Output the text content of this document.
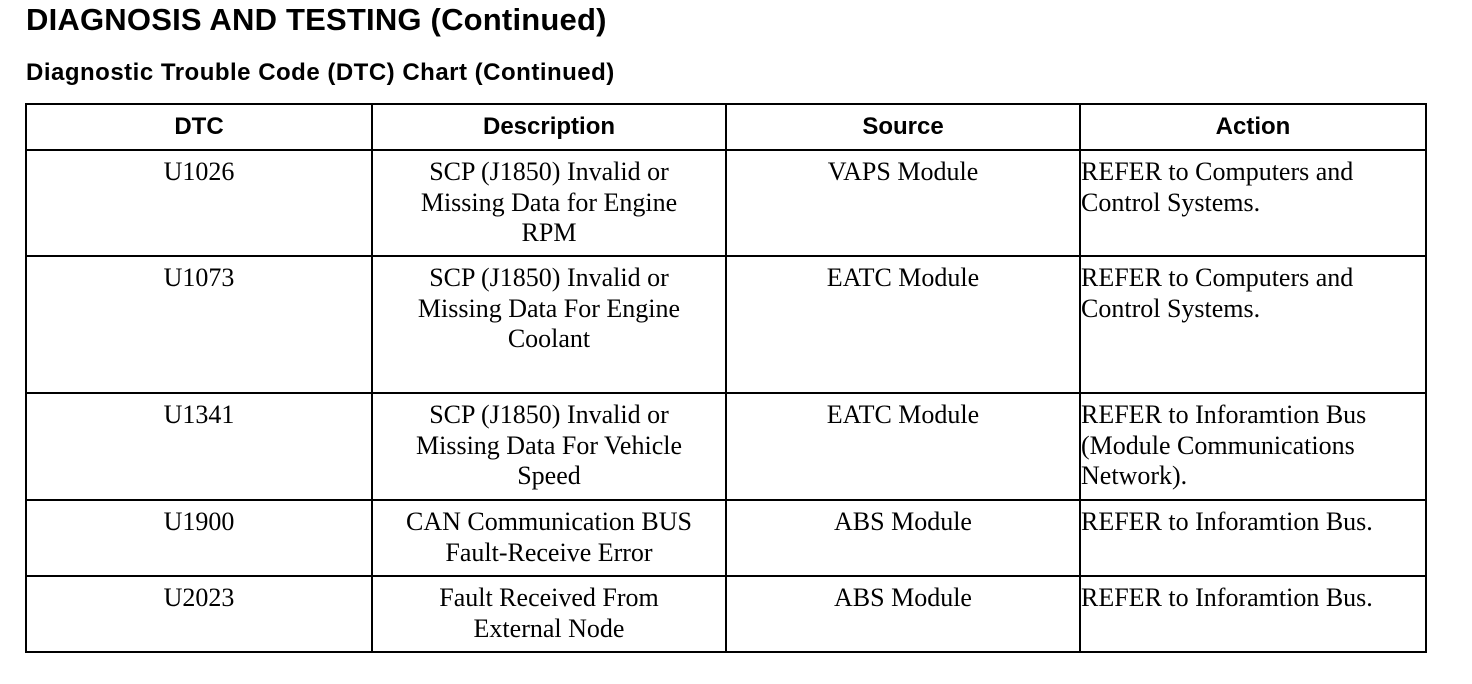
DIAGNOSIS AND TESTING (Continued)
Diagnostic Trouble Code (DTC) Chart (Continued)
DTC	Description	Source	Action
U1026	SCP (J1850) Invalid or
Missing Data for Engine
RPM	VAPS Module	REFER to Computers and
Control Systems.

U1073	SCP (J1850) Invalid or
Missing Data For Engine
Coolant	EATC Module	REFER to Computers and
Control Systems.

U1341	SCP (J1850) Invalid or
Missing Data For Vehicle
Speed	EATC Module	REFER to Inforamtion Bus
(Module Communications
Network).

U1900	CAN Communication BUS
Fault-Receive Error	ABS Module	REFER to Inforamtion Bus.

U2023	Fault Received From
External Node	ABS Module	REFER to Inforamtion Bus.
